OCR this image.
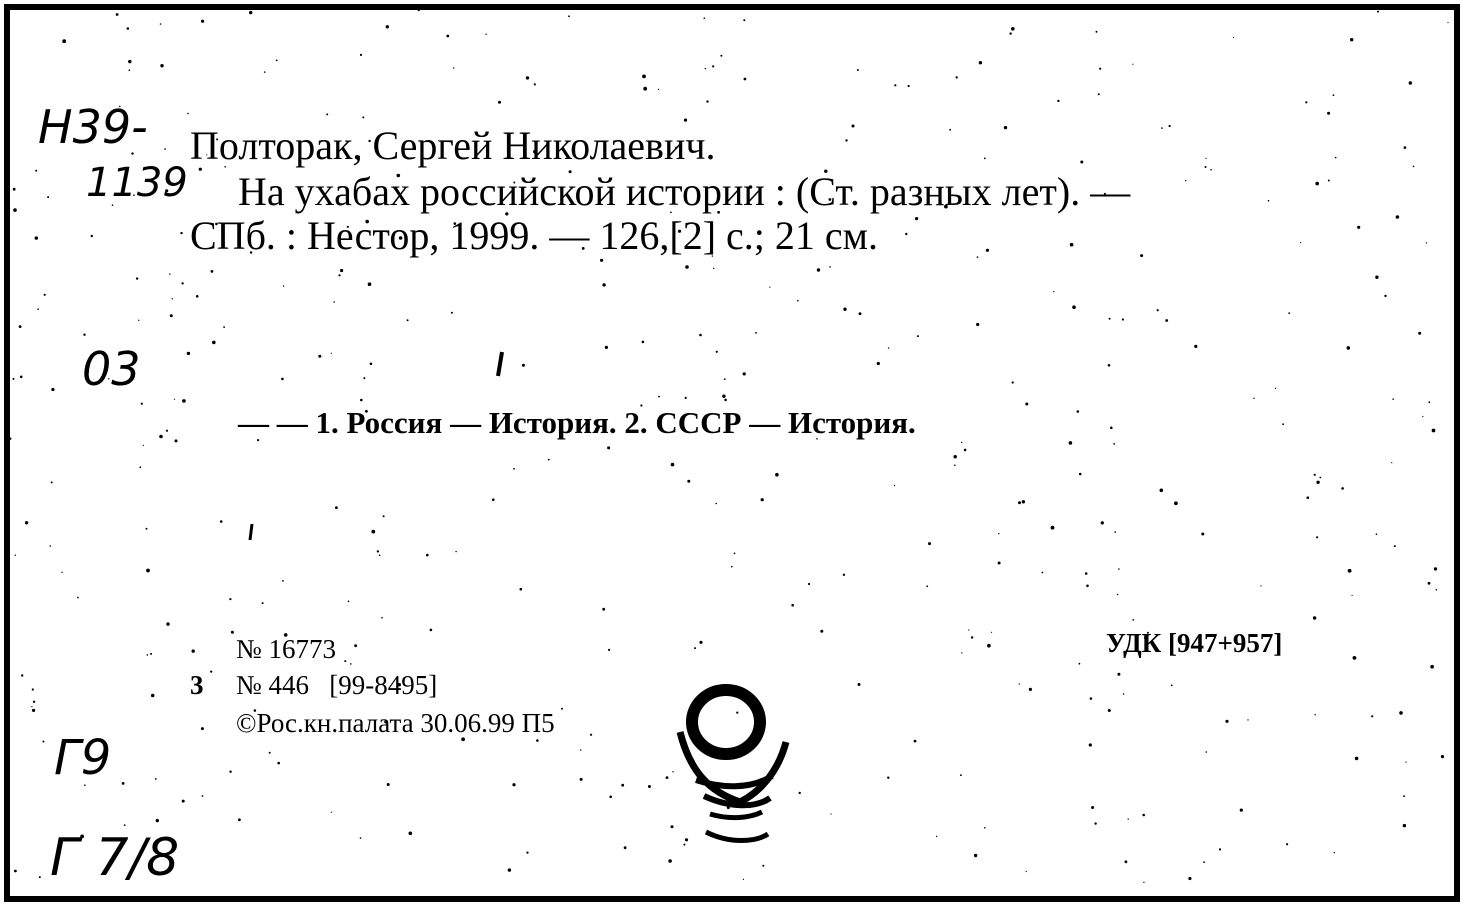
Н39-
1139
03
Г9
Г 7/8
Полторак, Сергей Николаевич.
На ухабах российской истории : (Ст. разных лет). —
СПб. : Нестор, 1999. — 126,[2] с.; 21 см.
— — 1. Россия — История. 2. СССР — История.
№ 16773
3 № 446   [99-8495]
©Рос.кн.палата 30.06.99 П5
УДК [947+957]
